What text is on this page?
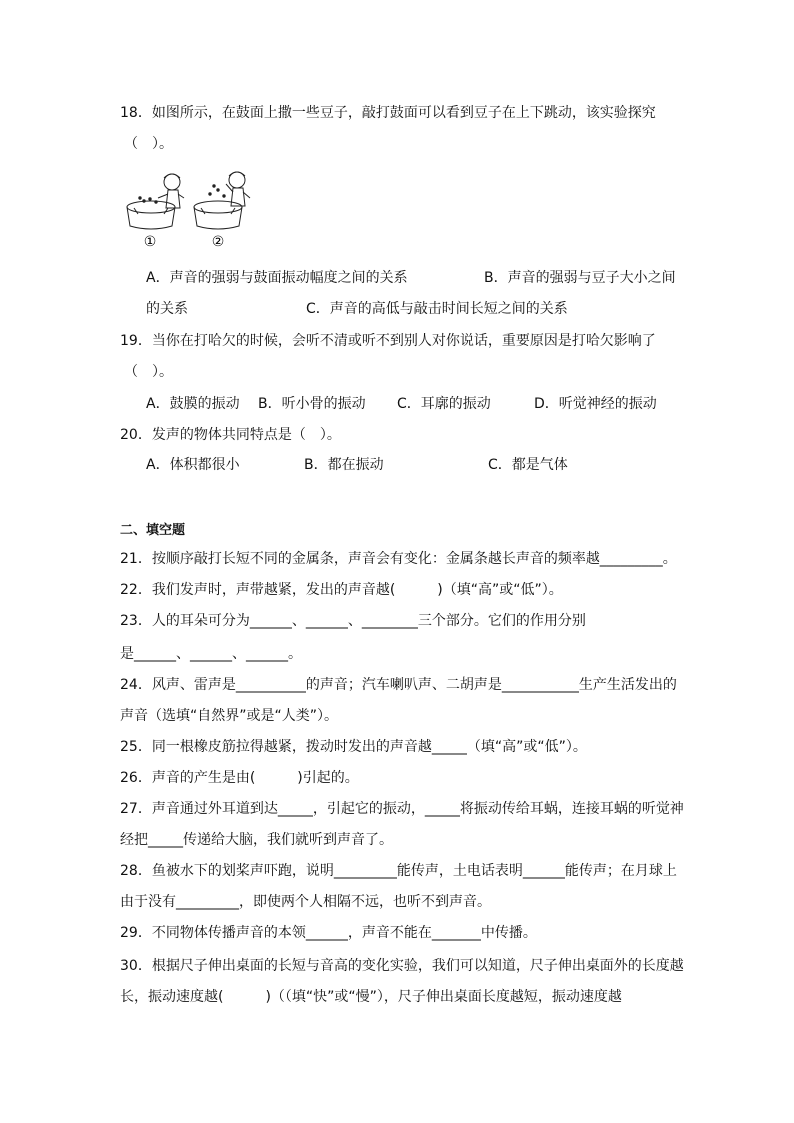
18．如图所示，在鼓面上撒一些豆子，敲打鼓面可以看到豆子在上下跳动，该实验探究
（　）。
①	②
A．声音的强弱与鼓面振动幅度之间的关系	B．声音的强弱与豆子大小之间
的关系	C．声音的高低与敲击时间长短之间的关系
19．当你在打哈欠的时候，会听不清或听不到别人对你说话，重要原因是打哈欠影响了
（　）。
A．鼓膜的振动 B．听小骨的振动 C．耳廓的振动	D．听觉神经的振动
20．发声的物体共同特点是（　）。
A．体积都很小	B．都在振动	C．都是气体
二、填空题
21．按顺序敲打长短不同的金属条，声音会有变化：金属条越长声音的频率越_________。
22．我们发声时，声带越紧，发出的声音越(　　　)（填“高”或“低”）。
23．人的耳朵可分为______、______、________三个部分。它们的作用分别
是______、______、______。
24．风声、雷声是__________的声音；汽车喇叭声、二胡声是___________生产生活发出的
声音（选填“自然界”或是“人类”）。
25．同一根橡皮筋拉得越紧，拨动时发出的声音越_____（填“高”或“低”）。
26．声音的产生是由(　　　)引起的。
27．声音通过外耳道到达_____，引起它的振动，_____将振动传给耳蜗，连接耳蜗的听觉神
经把_____传递给大脑，我们就听到声音了。
28．鱼被水下的划桨声吓跑，说明_________能传声，土电话表明______能传声；在月球上
由于没有_________，即使两个人相隔不远，也听不到声音。
29．不同物体传播声音的本领______，声音不能在_______中传播。
30．根据尺子伸出桌面的长短与音高的变化实验，我们可以知道，尺子伸出桌面外的长度越
长，振动速度越(　　　)（（填“快”或“慢”），尺子伸出桌面长度越短，振动速度越
